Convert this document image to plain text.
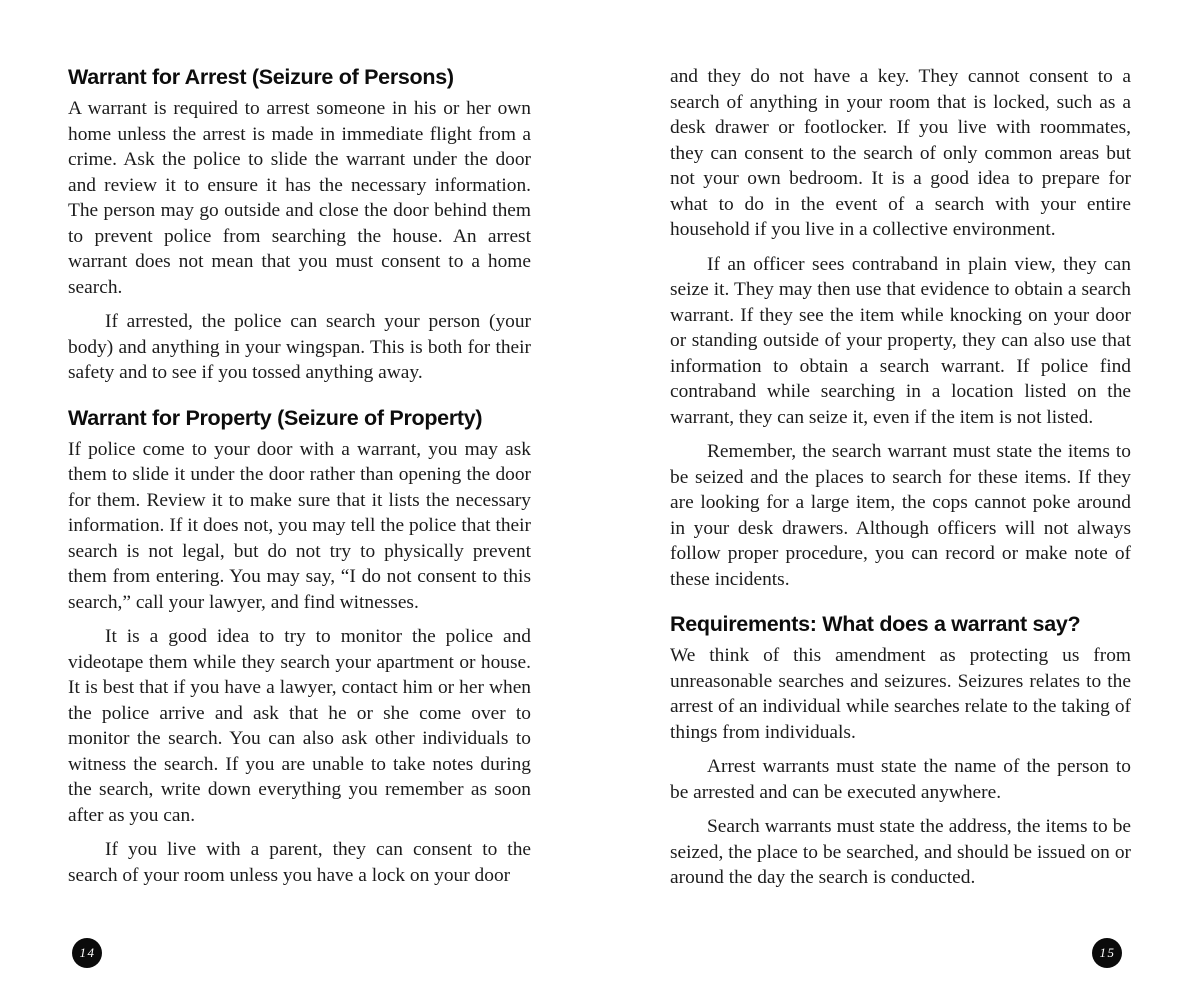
Warrant for Arrest (Seizure of Persons)

A warrant is required to arrest someone in his or her own home unless the arrest is made in immediate flight from a crime. Ask the police to slide the warrant under the door and review it to ensure it has the necessary information. The person may go outside and close the door behind them to prevent police from searching the house. An arrest warrant does not mean that you must consent to a home search.

If arrested, the police can search your person (your body) and anything in your wingspan. This is both for their safety and to see if you tossed anything away.

Warrant for Property (Seizure of Property)

If police come to your door with a warrant, you may ask them to slide it under the door rather than opening the door for them. Review it to make sure that it lists the necessary information. If it does not, you may tell the police that their search is not legal, but do not try to physically prevent them from entering. You may say, “I do not consent to this search,” call your lawyer, and find witnesses.

It is a good idea to try to monitor the police and videotape them while they search your apartment or house. It is best that if you have a lawyer, contact him or her when the police arrive and ask that he or she come over to monitor the search. You can also ask other individuals to witness the search. If you are unable to take notes during the search, write down everything you remember as soon after as you can.

If you live with a parent, they can consent to the search of your room unless you have a lock on your door

and they do not have a key. They cannot consent to a search of anything in your room that is locked, such as a desk drawer or footlocker. If you live with roommates, they can consent to the search of only common areas but not your own bedroom. It is a good idea to prepare for what to do in the event of a search with your entire household if you live in a collective environment.

If an officer sees contraband in plain view, they can seize it. They may then use that evidence to obtain a search warrant. If they see the item while knocking on your door or standing outside of your property, they can also use that information to obtain a search warrant. If police find contraband while searching in a location listed on the warrant, they can seize it, even if the item is not listed.

Remember, the search warrant must state the items to be seized and the places to search for these items. If they are looking for a large item, the cops cannot poke around in your desk drawers. Although officers will not always follow proper procedure, you can record or make note of these incidents.

Requirements: What does a warrant say?

We think of this amendment as protecting us from unreasonable searches and seizures. Seizures relates to the arrest of an individual while searches relate to the taking of things from individuals.

Arrest warrants must state the name of the person to be arrested and can be executed anywhere.

Search warrants must state the address, the items to be seized, the place to be searched, and should be issued on or around the day the search is conducted.

14	15
